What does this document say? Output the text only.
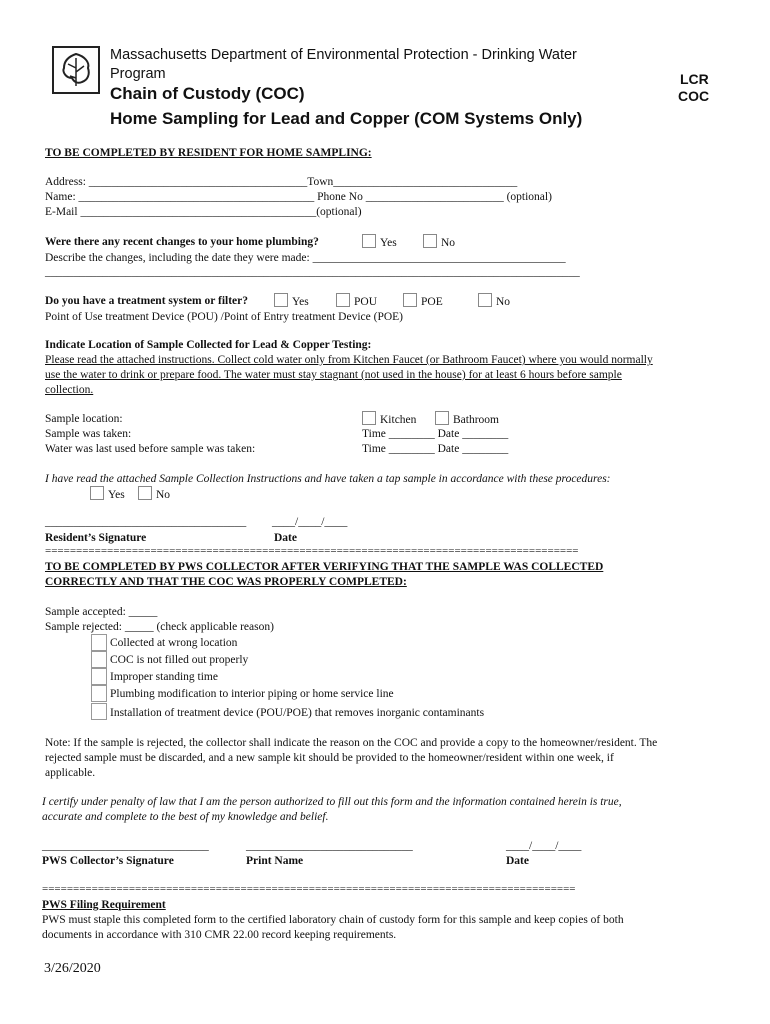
Massachusetts Department of Environmental Protection - Drinking Water
Program
Chain of Custody (COC)
Home Sampling for Lead and Copper (COM Systems Only)
LCR
COC
TO BE COMPLETED BY RESIDENT FOR HOME SAMPLING:
Address: ______________________________________Town________________________________
Name: _________________________________________ Phone No ________________________ (optional)
E-Mail _________________________________________(optional)
Were there any recent changes to your home plumbing?	Yes	No
Describe the changes, including the date they were made: ____________________________________________
_____________________________________________________________________________________________
Do you have a treatment system or filter?	Yes	POU	POE	No
Point of Use treatment Device (POU) /Point of Entry treatment Device (POE)
Indicate Location of Sample Collected for Lead & Copper Testing:
Please read the attached instructions. Collect cold water only from Kitchen Faucet (or Bathroom Faucet) where you would normally
use the water to drink or prepare food. The water must stay stagnant (not used in the house) for at least 6 hours before sample
collection.
Sample location:	Kitchen	Bathroom
Sample was taken:	Time ________ Date ________
Water was last used before sample was taken:	Time ________ Date ________
I have read the attached Sample Collection Instructions and have taken a tap sample in accordance with these procedures:
Yes	No
___________________________________ ____/____/____
Resident’s Signature	Date
======================================================================================
TO BE COMPLETED BY PWS COLLECTOR AFTER VERIFYING THAT THE SAMPLE WAS COLLECTED
CORRECTLY AND THAT THE COC WAS PROPERLY COMPLETED:
Sample accepted: _____
Sample rejected: _____ (check applicable reason)
Collected at wrong location
COC is not filled out properly
Improper standing time
Plumbing modification to interior piping or home service line
Installation of treatment device (POU/POE) that removes inorganic contaminants
Note: If the sample is rejected, the collector shall indicate the reason on the COC and provide a copy to the homeowner/resident. The
rejected sample must be discarded, and a new sample kit should be provided to the homeowner/resident within one week, if
applicable.
I certify under penalty of law that I am the person authorized to fill out this form and the information contained herein is true,
accurate and complete to the best of my knowledge and belief.
_____________________________	_____________________________	____/____/____
PWS Collector’s Signature	Print Name	Date
======================================================================================
PWS Filing Requirement
PWS must staple this completed form to the certified laboratory chain of custody form for this sample and keep copies of both
documents in accordance with 310 CMR 22.00 record keeping requirements.
3/26/2020
